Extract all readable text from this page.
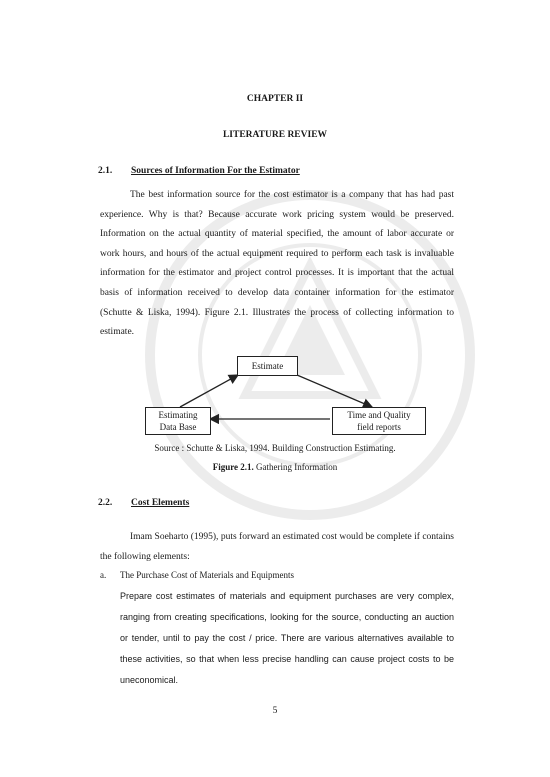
CHAPTER II
LITERATURE REVIEW
2.1. Sources of Information For the Estimator

The best information source for the cost estimator is a company that has had past experience. Why is that? Because accurate work pricing system would be preserved. Information on the actual quantity of material specified, the amount of labor accurate or work hours, and hours of the actual equipment required to perform each task is invaluable information for the estimator and project control processes. It is important that the actual basis of information received to develop data container information for the estimator (Schutte & Liska, 1994). Figure 2.1. Illustrates the process of collecting information to estimate.

Estimate
Estimating
Data Base
Time and Quality
field reports
Source : Schutte & Liska, 1994. Building Construction Estimating.
Figure 2.1. Gathering Information
2.2. Cost Elements

Imam Soeharto (1995), puts forward an estimated cost would be complete if contains the following elements:

a. The Purchase Cost of Materials and Equipments

Prepare cost estimates of materials and equipment purchases are very complex, ranging from creating specifications, looking for the source, conducting an auction or tender, until to pay the cost / price. There are various alternatives available to these activities, so that when less precise handling can cause project costs to be uneconomical.

5
